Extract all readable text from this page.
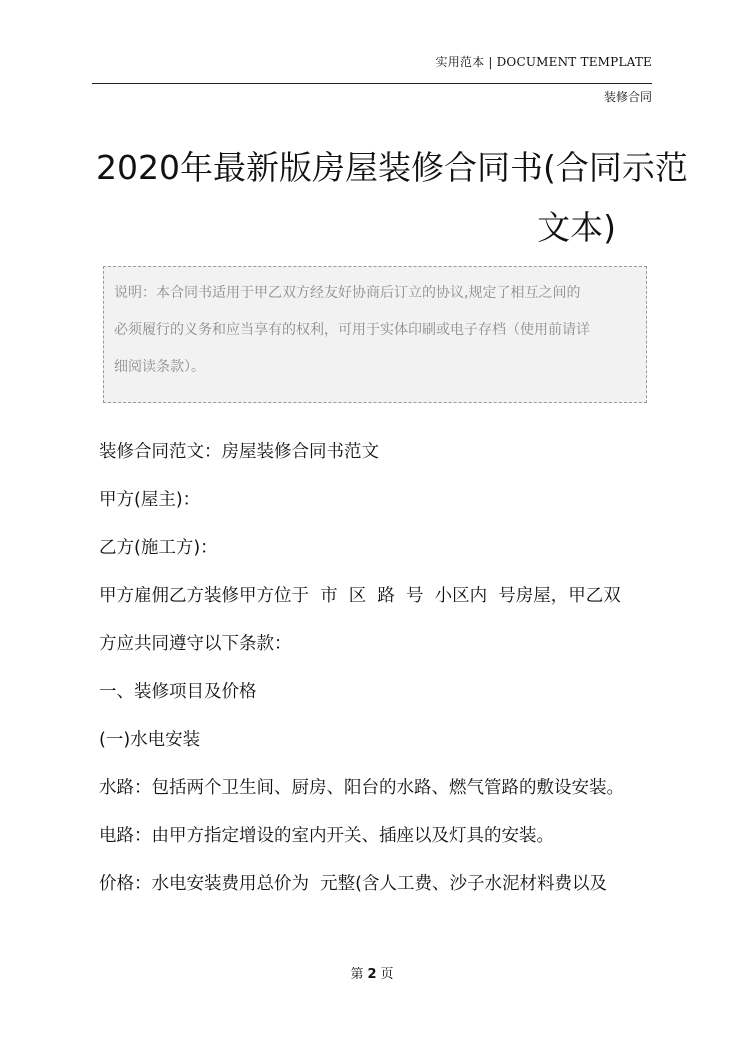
实用范本 | DOCUMENT TEMPLATE
装修合同
2020年最新版房屋装修合同书(合同示范
文本)
说明：本合同书适用于甲乙双方经友好协商后订立的协议,规定了相互之间的
必须履行的义务和应当享有的权利，可用于实体印刷或电子存档（使用前请详
细阅读条款）。
装修合同范文：房屋装修合同书范文
甲方(屋主)：
乙方(施工方)：
甲方雇佣乙方装修甲方位于  市  区  路  号  小区内  号房屋，甲乙双
方应共同遵守以下条款：
一、装修项目及价格
(一)水电安装
水路：包括两个卫生间、厨房、阳台的水路、燃气管路的敷设安装。
电路：由甲方指定增设的室内开关、插座以及灯具的安装。
价格：水电安装费用总价为  元整(含人工费、沙子水泥材料费以及
第 2 页
